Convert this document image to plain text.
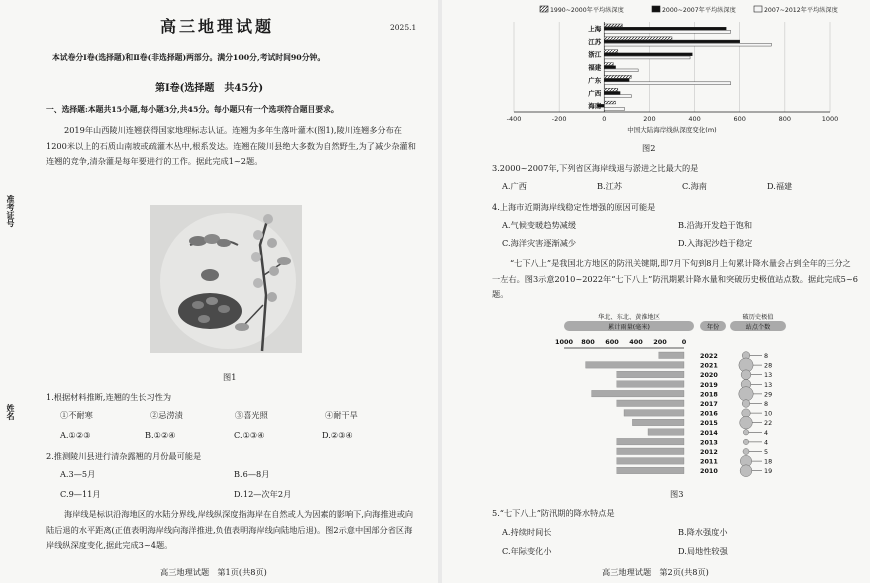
准考证号
姓名
高三地理试题	2025.1
本试卷分Ⅰ卷(选择题)和Ⅱ卷(非选择题)两部分。满分100分,考试时间90分钟。
第Ⅰ卷(选择题　共45分)
一、选择题:本题共15小题,每小题3分,共45分。每小题只有一个选项符合题目要求。
2019年山西陵川连翘获得国家地理标志认证。连翘为多年生落叶灌木(图1),陵川连翘多分布在1200米以上的石质山南坡或疏灌木丛中,根系发达。连翘在陵川县绝大多数为自然野生,为了减少杂灌和连翘的竞争,清杂灌是每年要进行的工作。据此完成1~2题。
图1
1.根据材料推断,连翘的生长习性为
①不耐寒	②忌涝渍	③喜光照	④耐干旱
A.①②③	B.①②④	C.①③④	D.②③④
2.推测陵川县进行清杂露翘的月份最可能是
A.3—5月	B.6—8月
C.9—11月	D.12—次年2月
海岸线是标识沿海地区的水陆分界线,岸线纵深度指海岸在自然或人为因素的影响下,向海推进或向陆后退的水平距离(正值表明海岸线向海洋推进,负值表明海岸线向陆地后退)。图2示意中国部分省区海岸线纵深度变化,据此完成3~4题。
高三地理试题　第1页(共8页)
1990~2000年平均纵深度	2000~2007年平均纵深度	2007~2012年平均纵深度
-400	-200	0	200	400	600	800	1000
上海
江苏
浙江
福建
广东
广西
海南
中国大陆海岸线纵深度变化(m)
图2
3.2000~2007年,下列省区海岸线退与淤进之比最大的是
A.广西	B.江苏	C.海南	D.福建
4.上海市近期海岸线稳定性增强的原因可能是
A.气候变暖趋势减缓	B.沿海开发趋于饱和
C.海洋灾害逐渐减少	D.入海泥沙趋于稳定
“七下八上”是我国北方地区的防汛关键期,即7月下旬到8月上旬累计降水量会占到全年的三分之一左右。图3示意2010~2022年“七下八上”防汛期累计降水量和突破历史极值站点数。据此完成5~6题。
华北、东北、黄淮地区
累计雨量(毫米)	年份
破历史极值
站点个数
1000 800 600 400 200 0
2022	8
2021	28
2020	13
2019	13
2018	29
2017	8
2016	10
2015	22
2014	4
2013	4
2012	5
2011	18
2010	19
图3
5.“七下八上”防汛期的降水特点是
A.持续时间长	B.降水强度小
C.年际变化小	D.局地性较强
高三地理试题　第2页(共8页)
